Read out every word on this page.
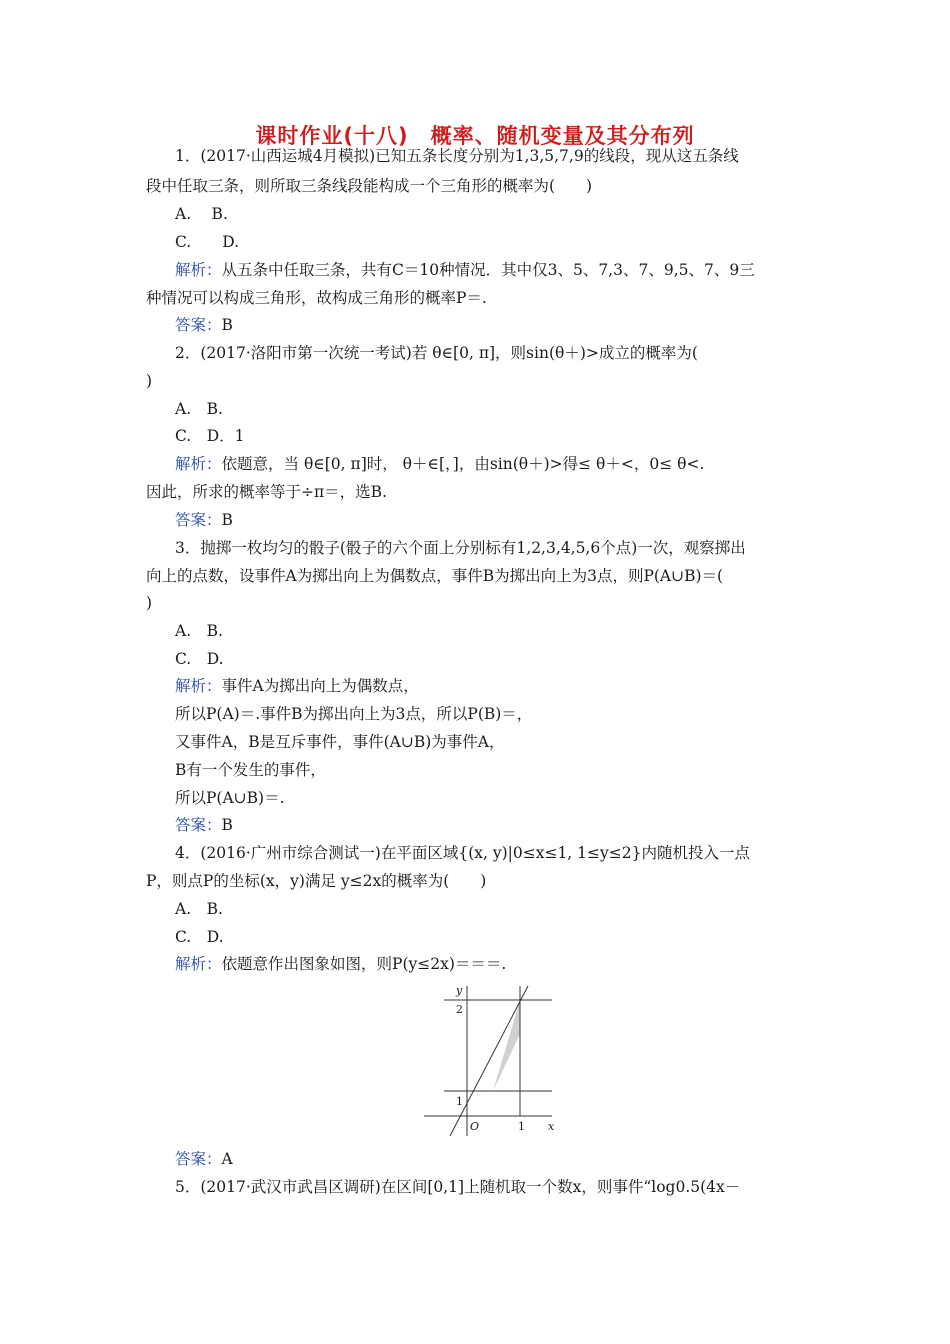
课时作业(十八)　概率、随机变量及其分布列
1．(2017·山西运城4月模拟)已知五条长度分别为1,3,5,7,9的线段，现从这五条线
段中任取三条，则所取三条线段能构成一个三角形的概率为(　　)
A.　 B.
C.　　D.
解析：从五条中任取三条，共有C＝10种情况．其中仅3、5、7,3、7、9,5、7、9三
种情况可以构成三角形，故构成三角形的概率P＝.
答案：B
2．(2017·洛阳市第一次统一考试)若 θ∈[0, π]，则sin(θ＋)>成立的概率为(
)
A.　B.
C.　D．1
解析：依题意，当 θ∈[0, π]时， θ＋∈[，]，由sin(θ＋)>得≤ θ＋<，0≤ θ<.
因此，所求的概率等于÷π＝，选B.
答案：B
3．抛掷一枚均匀的骰子(骰子的六个面上分别标有1,2,3,4,5,6个点)一次，观察掷出
向上的点数，设事件A为掷出向上为偶数点，事件B为掷出向上为3点，则P(A∪B)＝(
)
A.　B.
C.　D.
解析：事件A为掷出向上为偶数点，
所以P(A)＝.事件B为掷出向上为3点，所以P(B)＝，
又事件A，B是互斥事件，事件(A∪B)为事件A，
B有一个发生的事件，
所以P(A∪B)＝.
答案：B
4．(2016·广州市综合测试一)在平面区域{(x, y)|0≤x≤1, 1≤y≤2}内随机投入一点
P，则点P的坐标(x，y)满足 y≤2x的概率为(　　)
A.　B.
C.　D.
解析：依题意作出图象如图，则P(y≤2x)＝＝＝.
y
2
1
O	1 x
答案：A
5．(2017·武汉市武昌区调研)在区间[0,1]上随机取一个数x，则事件“log0.5(4x－
